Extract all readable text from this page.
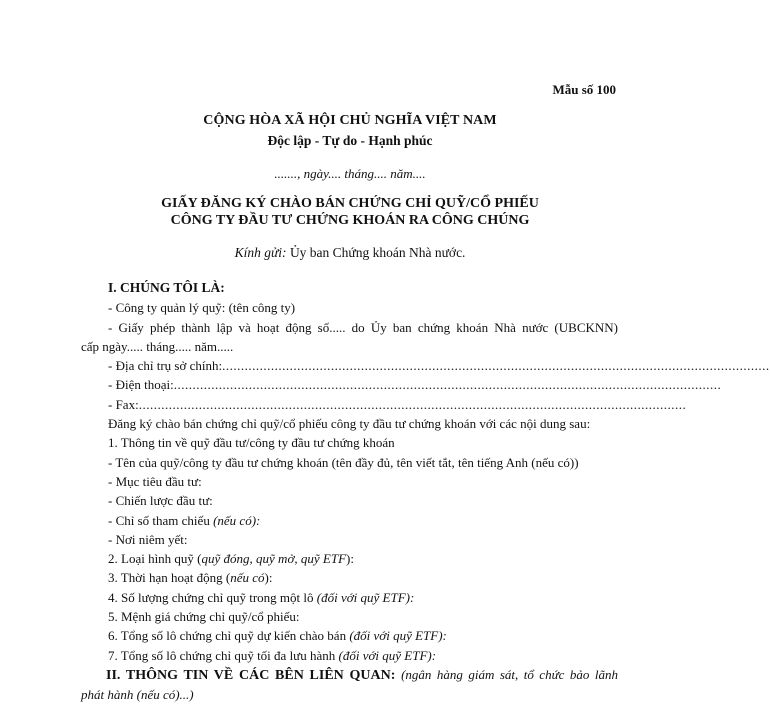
Mẫu số 100
CỘNG HÒA XÃ HỘI CHỦ NGHĨA VIỆT NAM
Độc lập - Tự do - Hạnh phúc
......., ngày.... tháng.... năm....
GIẤY ĐĂNG KÝ CHÀO BÁN CHỨNG CHỈ QUỸ/CỔ PHIẾU
CÔNG TY ĐẦU TƯ CHỨNG KHOÁN RA CÔNG CHÚNG
Kính gửi: Ủy ban Chứng khoán Nhà nước.

I. CHÚNG TÔI LÀ:

- Công ty quản lý quỹ: (tên công ty)

- Giấy phép thành lập và hoạt động số..... do Ủy ban chứng khoán Nhà nước (UBCKNN)

cấp ngày..... tháng..... năm.....

- Địa chỉ trụ sở chính:..................................................................................................................................................

- Điện thoại:..................................................................................................................................................

- Fax:..................................................................................................................................................

Đăng ký chào bán chứng chỉ quỹ/cổ phiếu công ty đầu tư chứng khoán với các nội dung sau:

1. Thông tin về quỹ đầu tư/công ty đầu tư chứng khoán

- Tên của quỹ/công ty đầu tư chứng khoán (tên đầy đủ, tên viết tắt, tên tiếng Anh (nếu có))

- Mục tiêu đầu tư:

- Chiến lược đầu tư:

- Chỉ số tham chiếu (nếu có):

- Nơi niêm yết:

2. Loại hình quỹ (quỹ đóng, quỹ mở, quỹ ETF):

3. Thời hạn hoạt động (nếu có):

4. Số lượng chứng chỉ quỹ trong một lô (đối với quỹ ETF):

5. Mệnh giá chứng chỉ quỹ/cổ phiếu:

6. Tổng số lô chứng chỉ quỹ dự kiến chào bán (đối với quỹ ETF):

7. Tổng số lô chứng chỉ quỹ tối đa lưu hành (đối với quỹ ETF):

II. THÔNG TIN VỀ CÁC BÊN LIÊN QUAN: (ngân hàng giám sát, tổ chức bảo lãnh

phát hành (nếu có)...)
